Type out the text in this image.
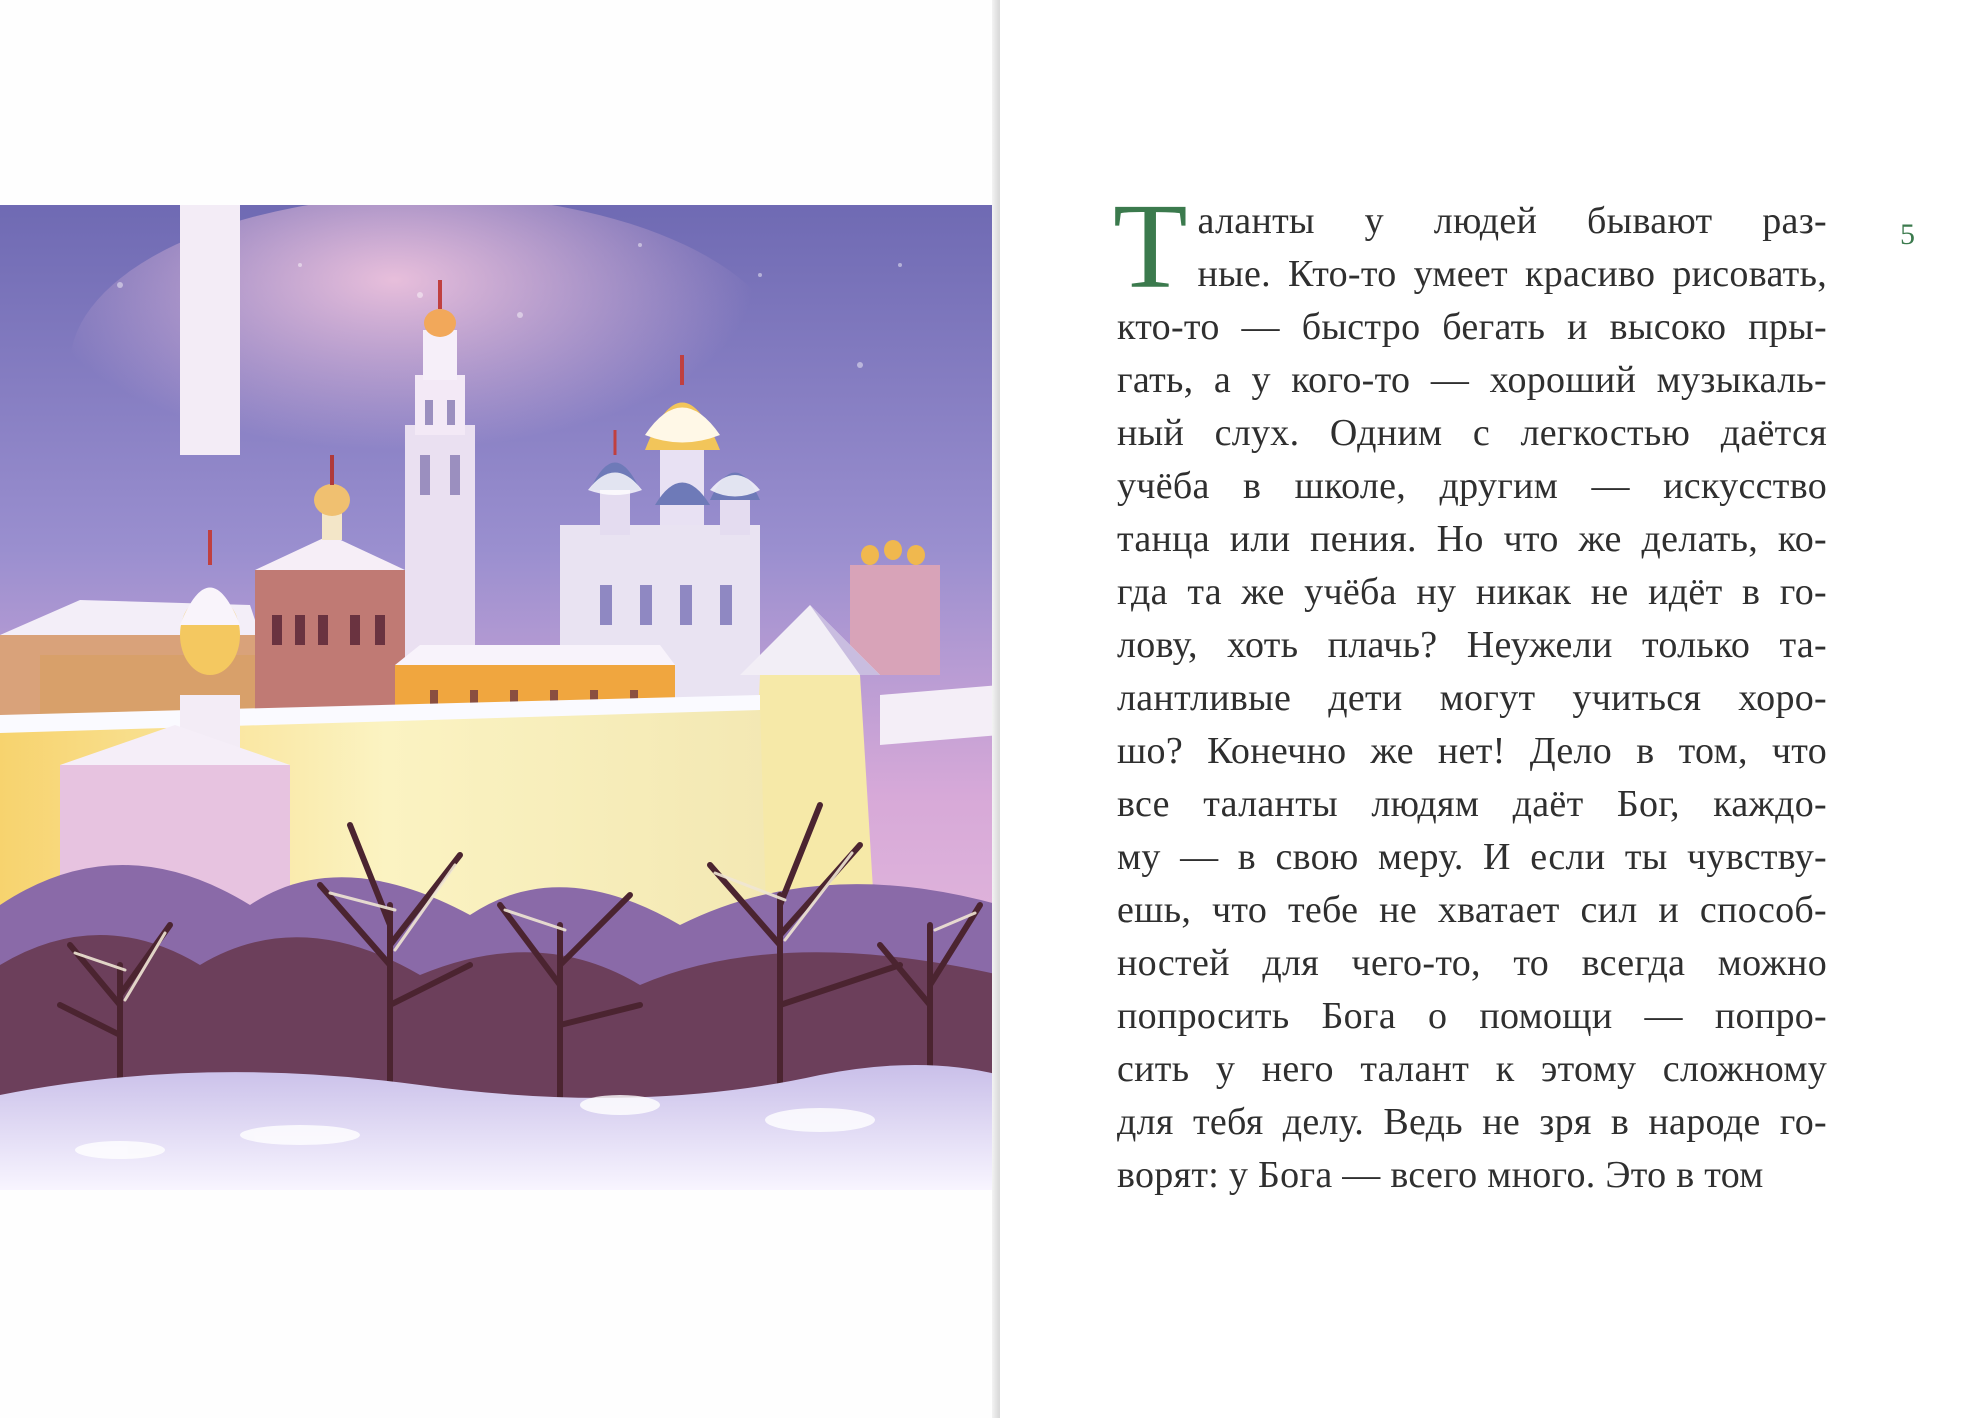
Т аланты у людей бывают раз-
ные. Кто-то умеет красиво рисовать,
кто-то — быстро бегать и высоко пры-
гать, а у кого-то — хороший музыкаль-
ный слух. Одним с легкостью даётся
учёба в школе, другим — искусство
танца или пения. Но что же делать, ко-
гда та же учёба ну никак не идёт в го-
лову, хоть плачь? Неужели только та-
лантливые дети могут учиться хоро-
шо? Конечно же нет! Дело в том, что
все таланты людям даёт Бог, каждо-
му — в свою меру. И если ты чувству-
ешь, что тебе не хватает сил и способ-
ностей для чего-то, то всегда можно
попросить Бога о помощи — попро-
сить у него талант к этому сложному
для тебя делу. Ведь не зря в народе го-
ворят: у Бога — всего много. Это в том
5
